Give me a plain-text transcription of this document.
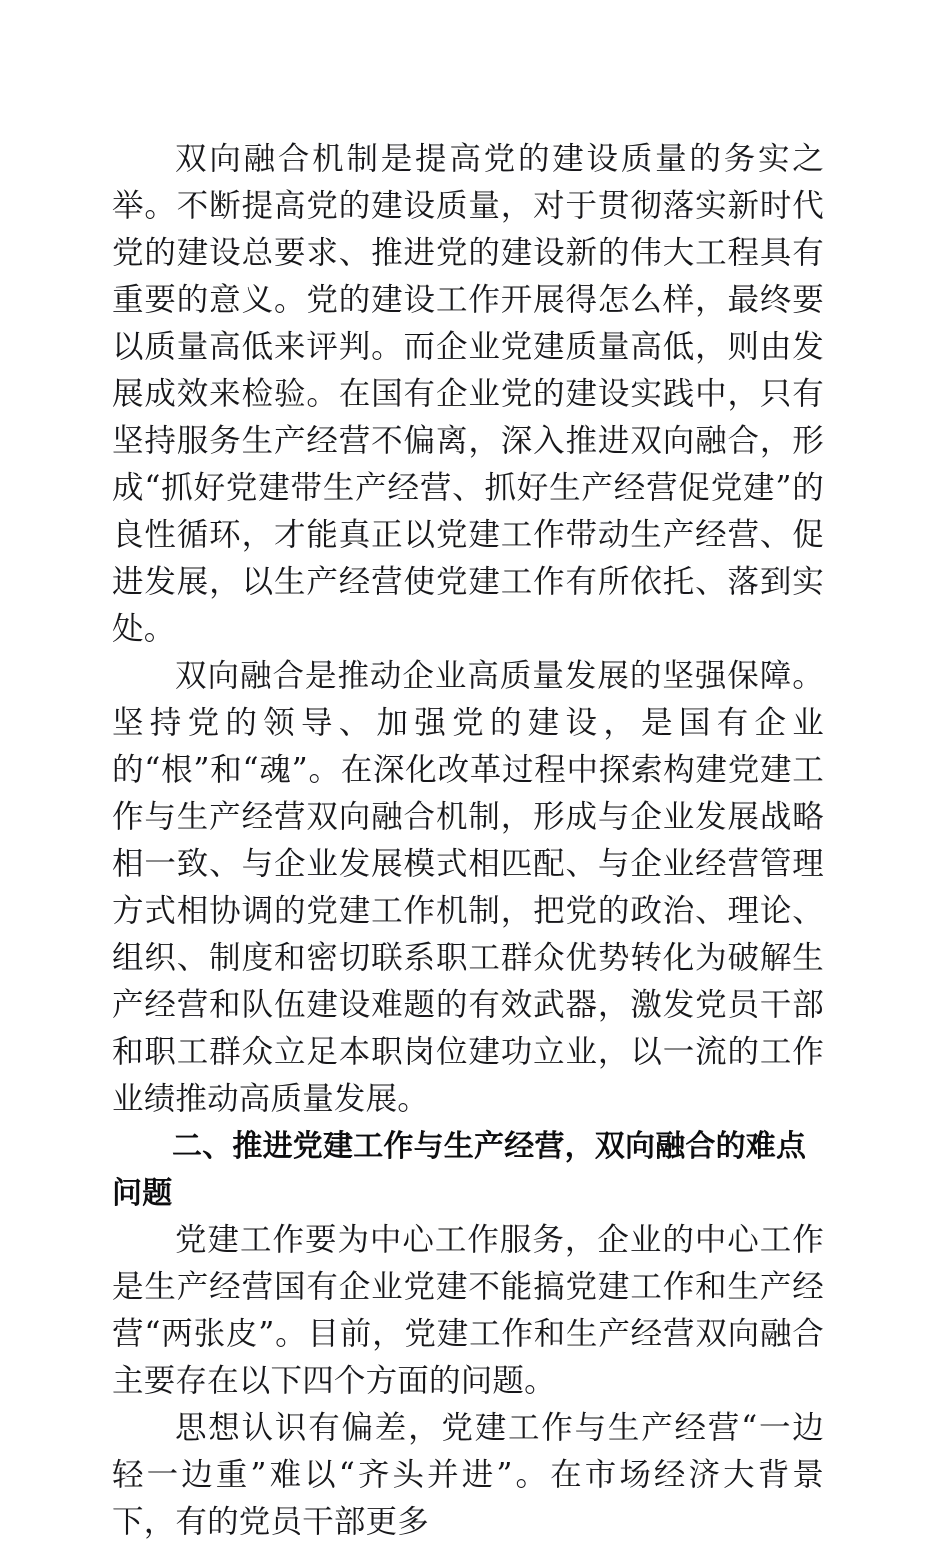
双向融合机制是提高党的建设质量的务实之举。不断提高党的建设质量，对于贯彻落实新时代党的建设总要求、推进党的建设新的伟大工程具有重要的意义。党的建设工作开展得怎么样，最终要以质量高低来评判。而企业党建质量高低，则由发展成效来检验。在国有企业党的建设实践中，只有坚持服务生产经营不偏离，深入推进双向融合，形成“抓好党建带生产经营、抓好生产经营促党建”的良性循环，才能真正以党建工作带动生产经营、促进发展，以生产经营使党建工作有所依托、落到实处。

双向融合是推动企业高质量发展的坚强保障。坚持党的领导、加强党的建设，是国有企业的“根”和“魂”。在深化改革过程中探索构建党建工作与生产经营双向融合机制，形成与企业发展战略相一致、与企业发展模式相匹配、与企业经营管理方式相协调的党建工作机制，把党的政治、理论、组织、制度和密切联系职工群众优势转化为破解生产经营和队伍建设难题的有效武器，激发党员干部和职工群众立足本职岗位建功立业，以一流的工作业绩推动高质量发展。

二、推进党建工作与生产经营，双向融合的难点问题

党建工作要为中心工作服务，企业的中心工作是生产经营国有企业党建不能搞党建工作和生产经营“两张皮”。目前，党建工作和生产经营双向融合主要存在以下四个方面的问题。

思想认识有偏差，党建工作与生产经营“一边轻一边重”难以“齐头并进”。在市场经济大背景下，有的党员干部更多
